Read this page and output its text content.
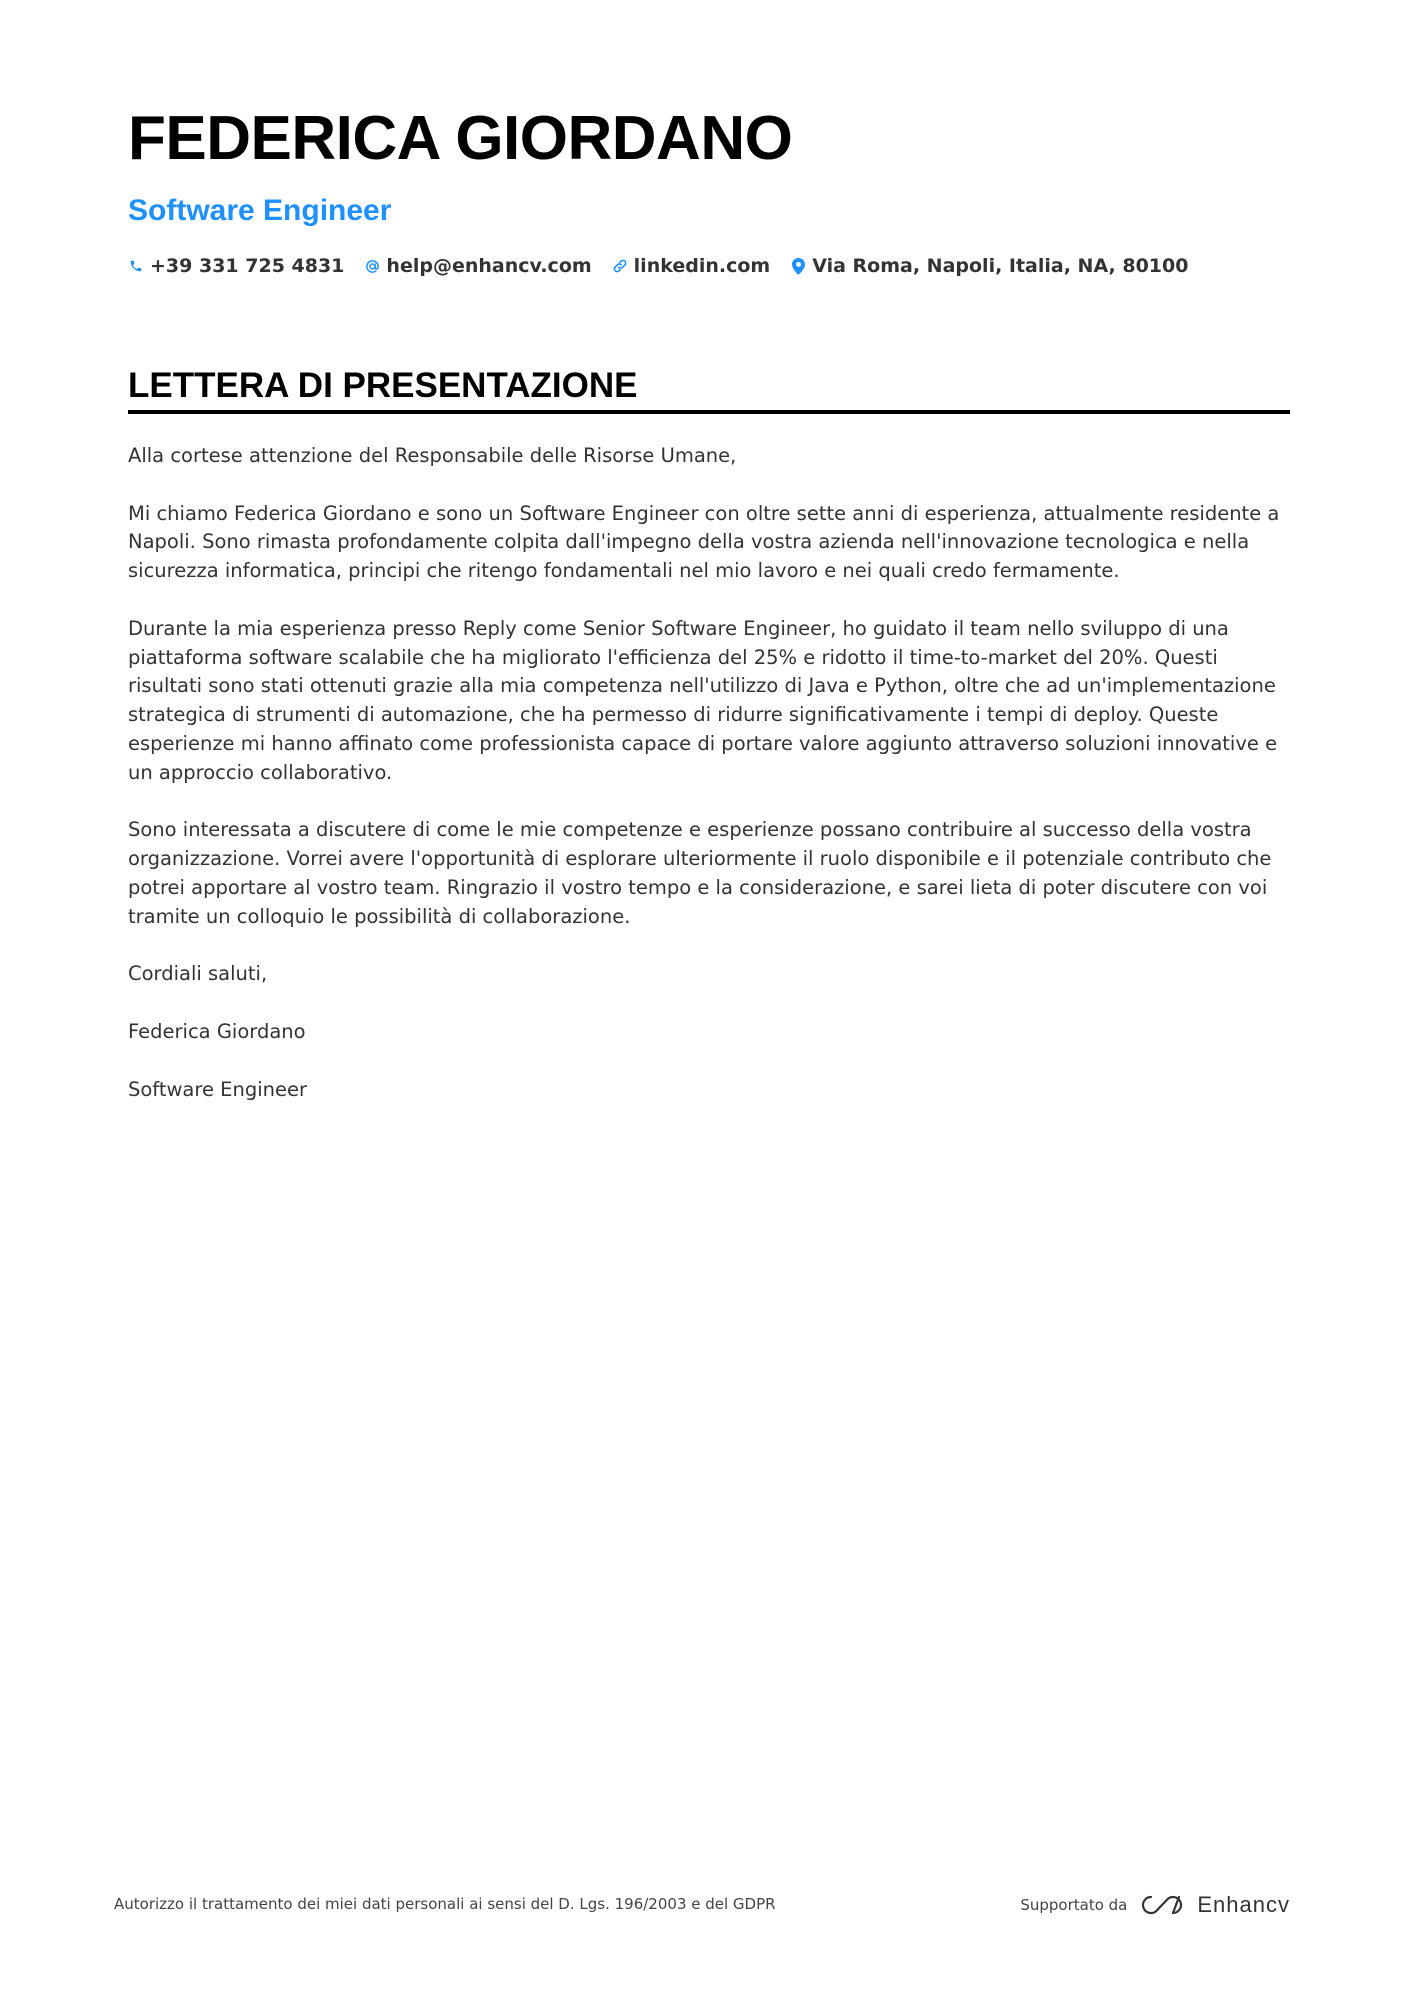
FEDERICA GIORDANO
Software Engineer
+39 331 725 4831 help@enhancv.com linkedin.com Via Roma, Napoli, Italia, NA, 80100
LETTERA DI PRESENTAZIONE

Alla cortese attenzione del Responsabile delle Risorse Umane,

Mi chiamo Federica Giordano e sono un Software Engineer con oltre sette anni di esperienza, attualmente residente a Napoli. Sono rimasta profondamente colpita dall'impegno della vostra azienda nell'innovazione tecnologica e nella sicurezza informatica, principi che ritengo fondamentali nel mio lavoro e nei quali credo fermamente.

Durante la mia esperienza presso Reply come Senior Software Engineer, ho guidato il team nello sviluppo di una piattaforma software scalabile che ha migliorato l'efficienza del 25% e ridotto il time-to-market del 20%. Questi risultati sono stati ottenuti grazie alla mia competenza nell'utilizzo di Java e Python, oltre che ad un'implementazione strategica di strumenti di automazione, che ha permesso di ridurre significativamente i tempi di deploy. Queste esperienze mi hanno affinato come professionista capace di portare valore aggiunto attraverso soluzioni innovative e un approccio collaborativo.

Sono interessata a discutere di come le mie competenze e esperienze possano contribuire al successo della vostra organizzazione. Vorrei avere l'opportunità di esplorare ulteriormente il ruolo disponibile e il potenziale contributo che potrei apportare al vostro team. Ringrazio il vostro tempo e la considerazione, e sarei lieta di poter discutere con voi tramite un colloquio le possibilità di collaborazione.

Cordiali saluti,

Federica Giordano

Software Engineer

Autorizzo il trattamento dei miei dati personali ai sensi del D. Lgs. 196/2003 e del GDPR	Supportato da	Enhancv
